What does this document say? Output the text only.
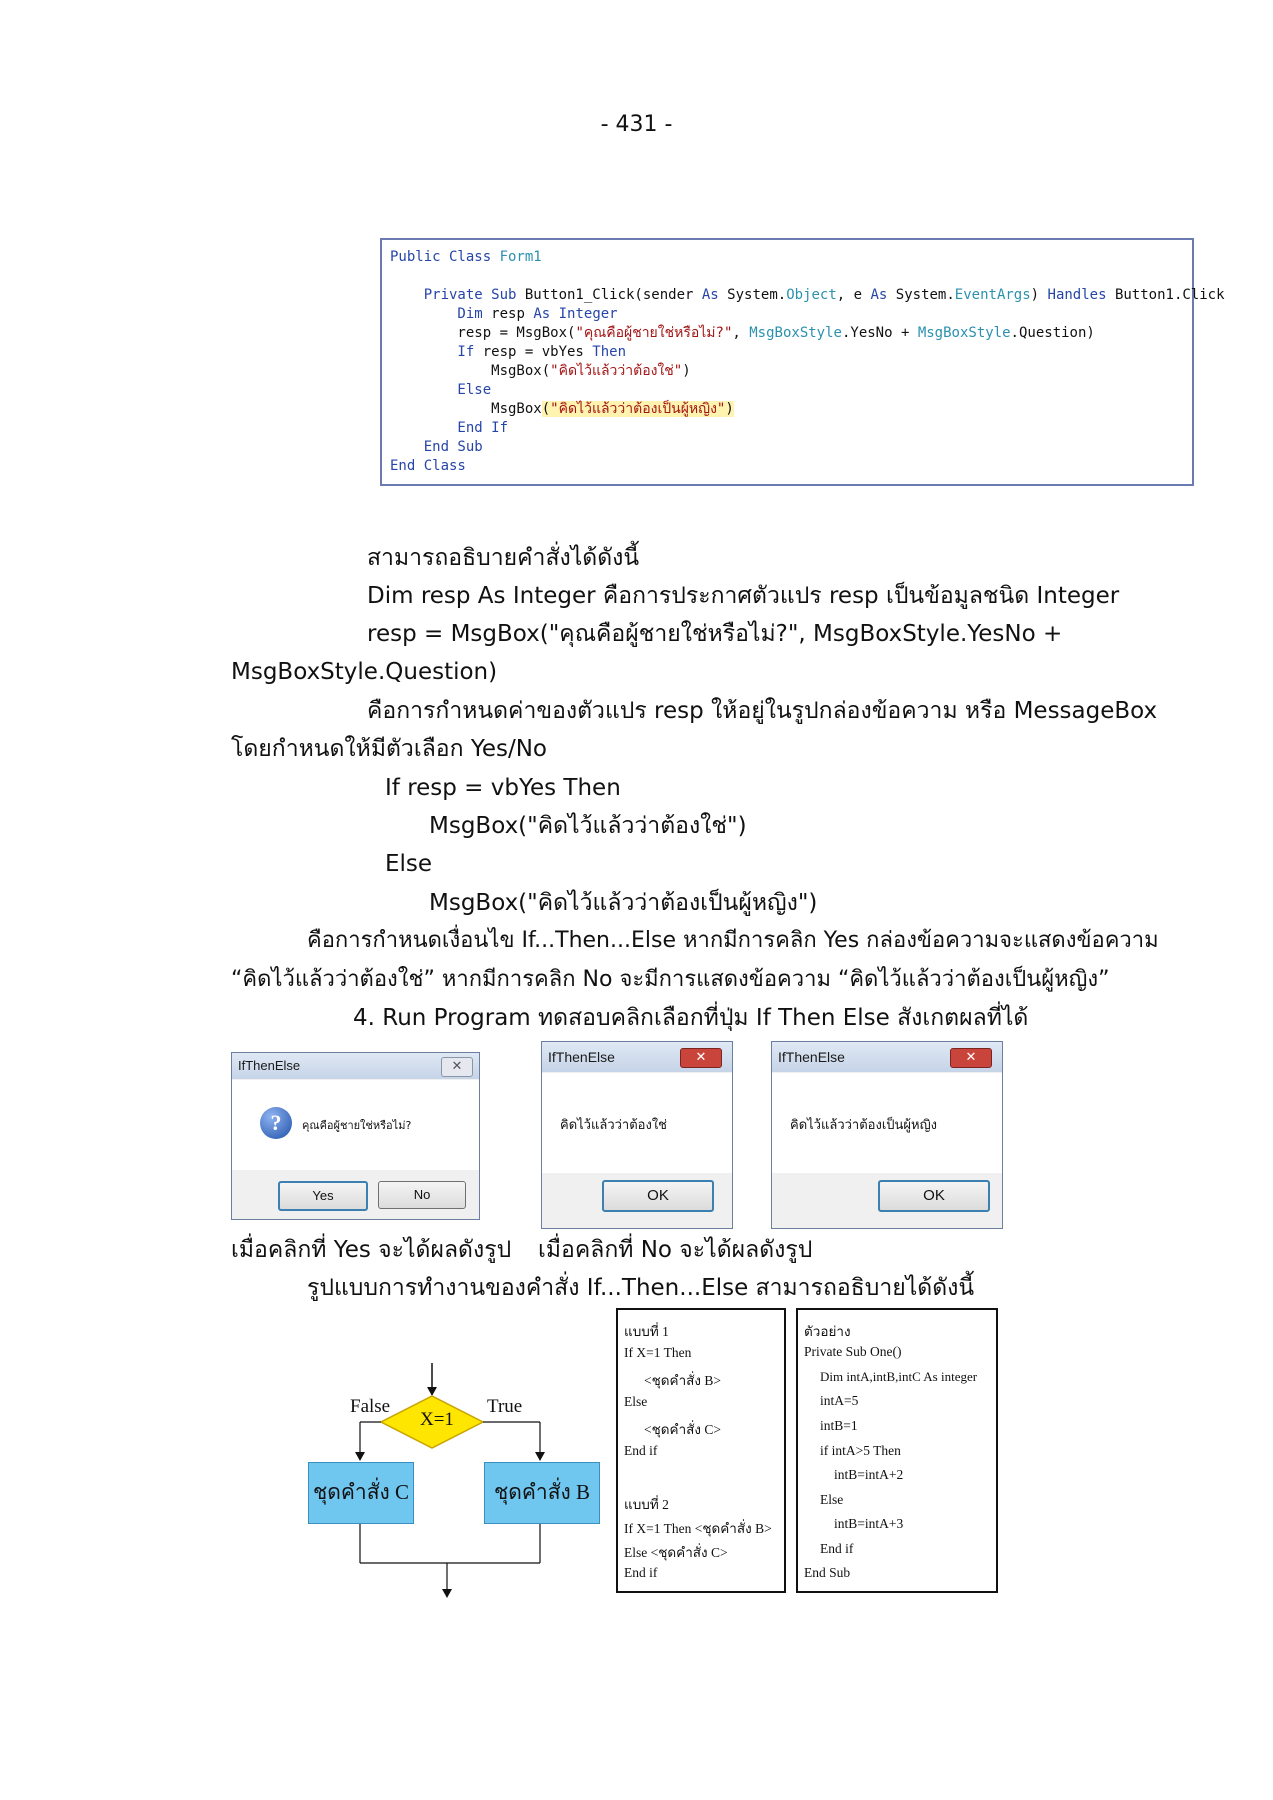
- 431 -
Public Class Form1
Private Sub Button1_Click(sender As System.Object, e As System.EventArgs) Handles Button1.Click
Dim resp As Integer
resp = MsgBox("คุณคือผู้ชายใช่หรือไม่?", MsgBoxStyle.YesNo + MsgBoxStyle.Question)
If resp = vbYes Then
MsgBox("คิดไว้แล้วว่าต้องใช่")
Else
MsgBox("คิดไว้แล้วว่าต้องเป็นผู้หญิง")
End If
End Sub
End Class
สามารถอธิบายคำสั่งได้ดังนี้
Dim resp As Integer คือการประกาศตัวแปร resp เป็นข้อมูลชนิด Integer
resp = MsgBox("คุณคือผู้ชายใช่หรือไม่?", MsgBoxStyle.YesNo +
MsgBoxStyle.Question)
คือการกำหนดค่าของตัวแปร resp ให้อยู่ในรูปกล่องข้อความ หรือ MessageBox
โดยกำหนดให้มีตัวเลือก Yes/No
If resp = vbYes Then
MsgBox("คิดไว้แล้วว่าต้องใช่")
Else
MsgBox("คิดไว้แล้วว่าต้องเป็นผู้หญิง")
คือการกำหนดเงื่อนไข If...Then...Else หากมีการคลิก Yes กล่องข้อความจะแสดงข้อความ
“คิดไว้แล้วว่าต้องใช่” หากมีการคลิก No จะมีการแสดงข้อความ “คิดไว้แล้วว่าต้องเป็นผู้หญิง”
4. Run Program ทดสอบคลิกเลือกที่ปุ่ม If Then Else สังเกตผลที่ได้
IfThenElse	✕
?	คุณคือผู้ชายใช่หรือไม่?
Yes	No
IfThenElse	✕
คิดไว้แล้วว่าต้องใช่
OK
IfThenElse	✕
คิดไว้แล้วว่าต้องเป็นผู้หญิง
OK
เมื่อคลิกที่ Yes จะได้ผลดังรูป เมื่อคลิกที่ No จะได้ผลดังรูป
รูปแบบการทำงานของคำสั่ง If...Then...Else สามารถอธิบายได้ดังนี้
X=1
False	True
ชุดคำสั่ง C	ชุดคำสั่ง B
แบบที่ 1
If X=1 Then
<ชุดคำสั่ง B>
Else
<ชุดคำสั่ง C>
End if
แบบที่ 2
If X=1 Then <ชุดคำสั่ง B>
Else <ชุดคำสั่ง C>
End if
ตัวอย่าง
Private Sub One()
Dim intA,intB,intC As integer
intA=5
intB=1
if intA>5 Then
intB=intA+2
Else
intB=intA+3
End if
End Sub
